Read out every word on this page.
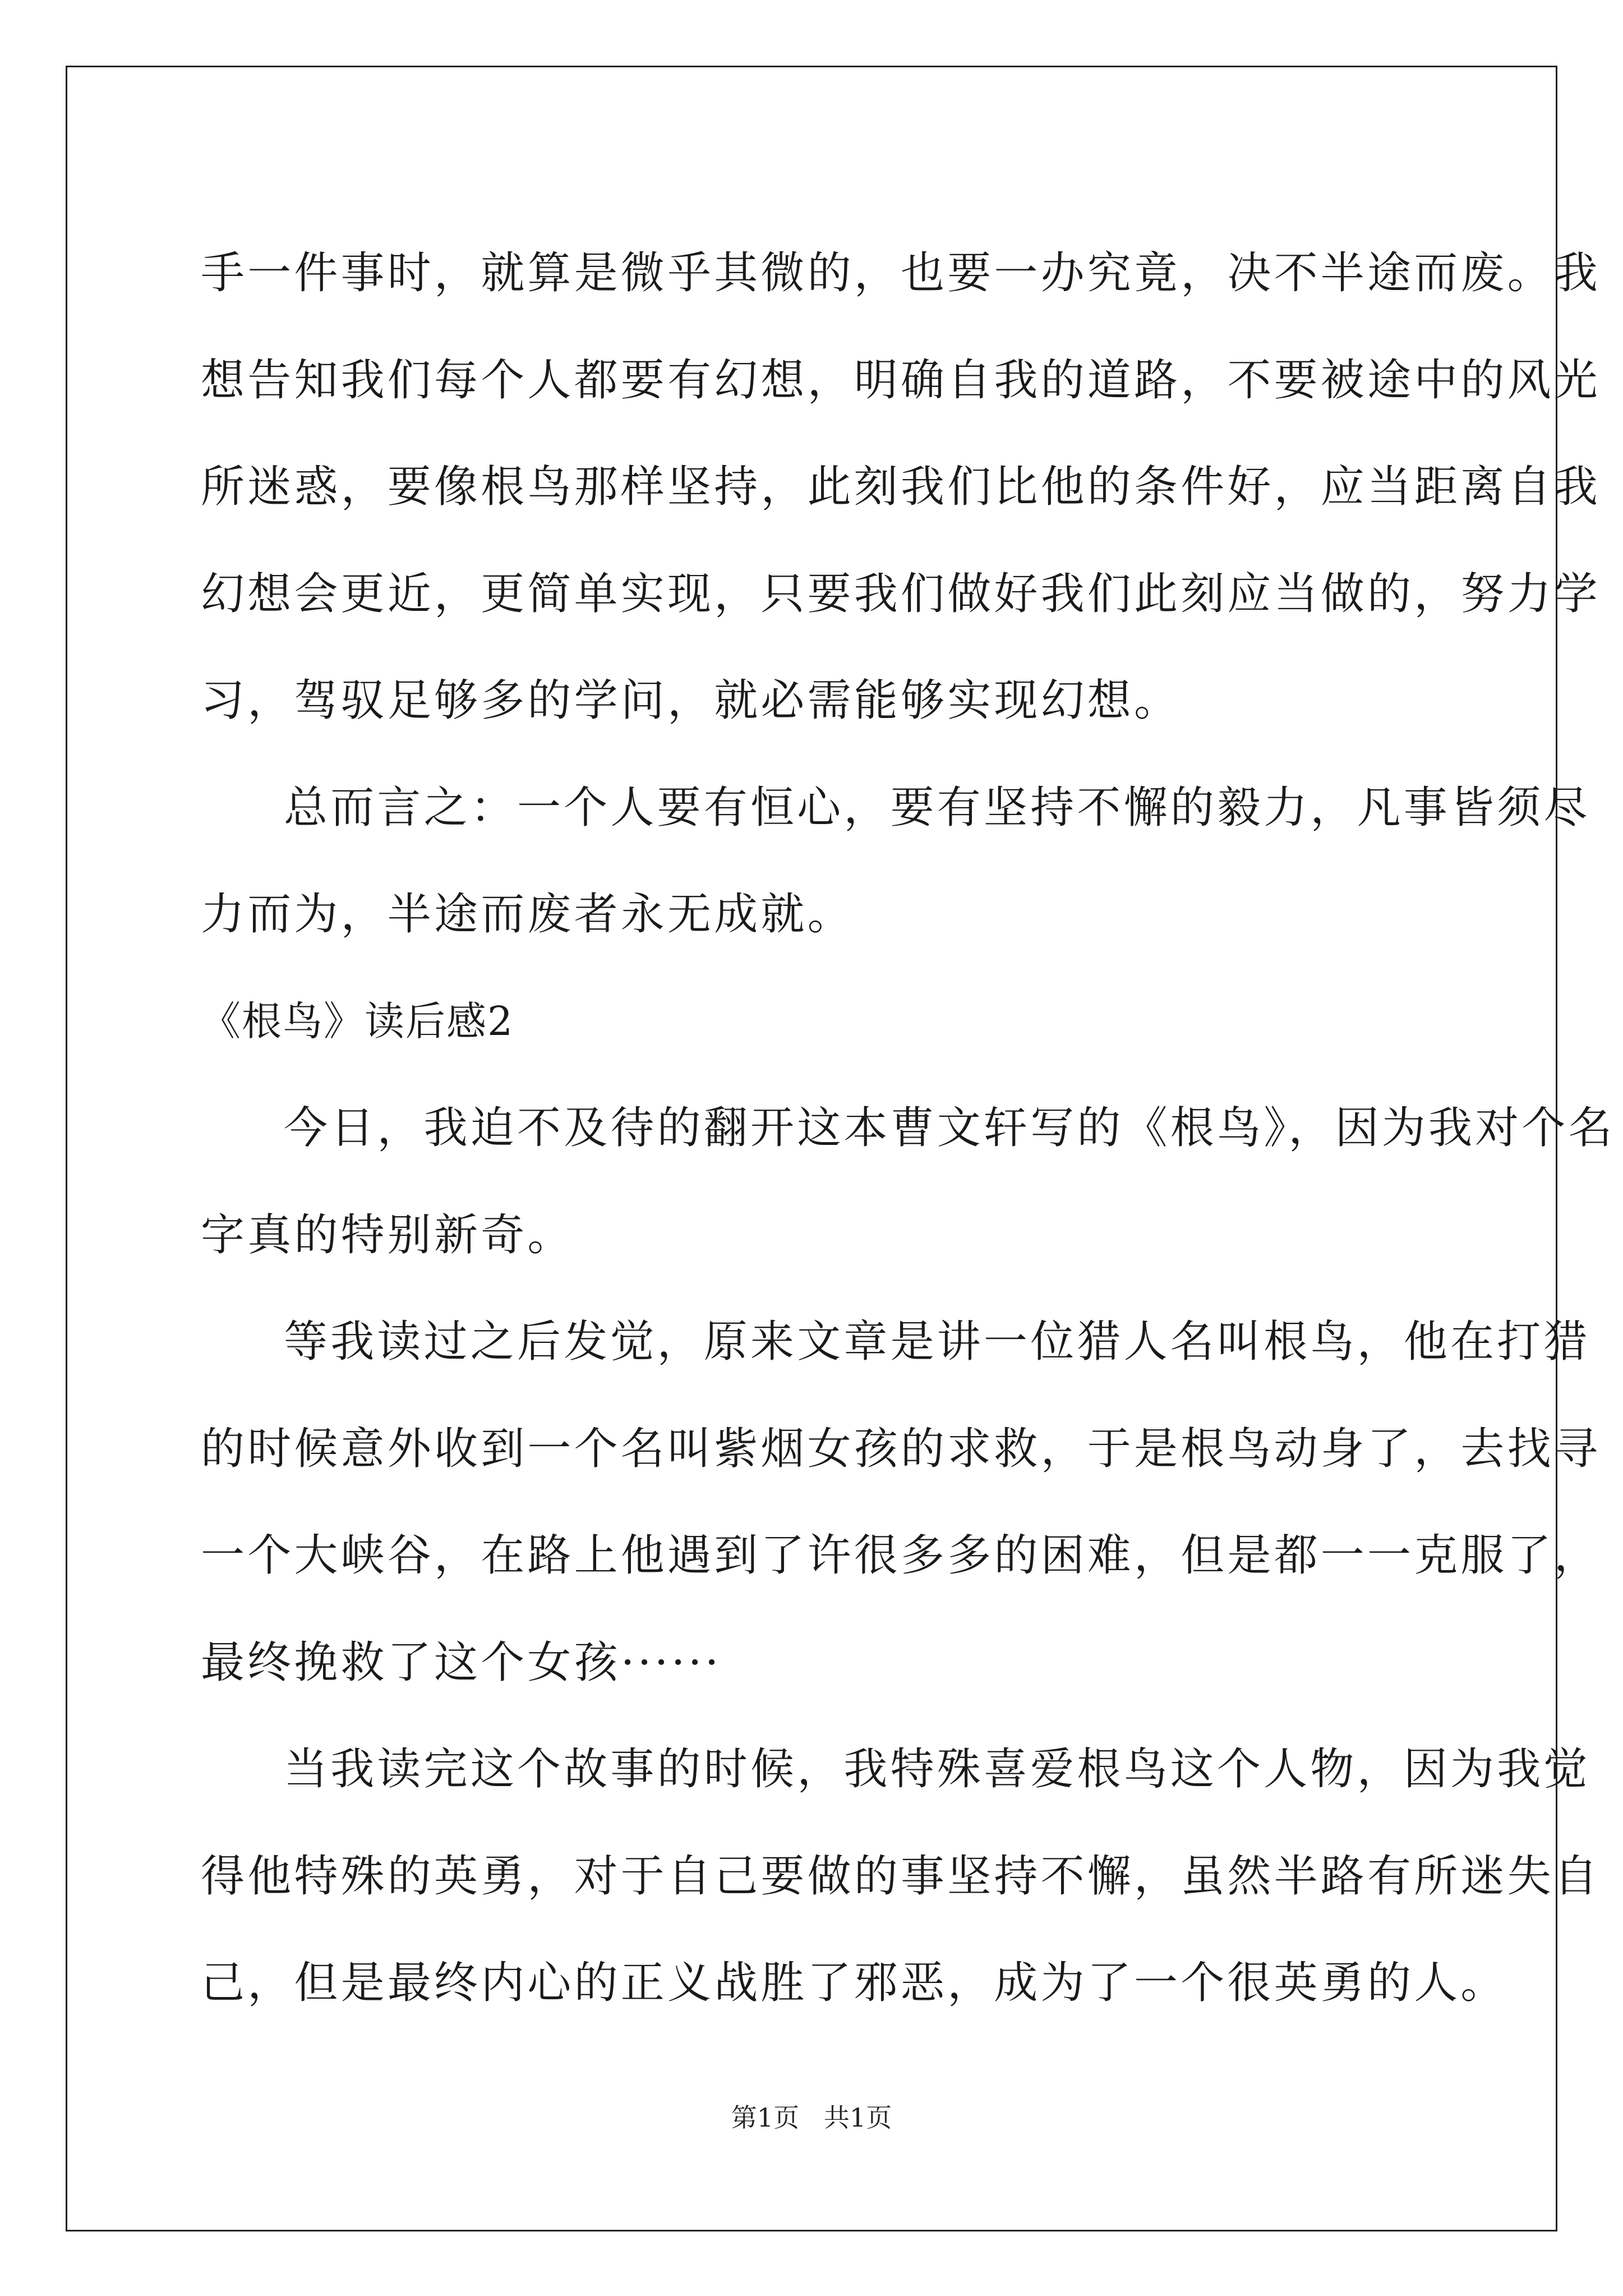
手一件事时，就算是微乎其微的，也要一办究竟，决不半途而废。我

想告知我们每个人都要有幻想，明确自我的道路，不要被途中的风光

所迷惑，要像根鸟那样坚持，此刻我们比他的条件好，应当距离自我

幻想会更近，更简单实现，只要我们做好我们此刻应当做的，努力学

习，驾驭足够多的学问，就必需能够实现幻想。

总而言之：一个人要有恒心，要有坚持不懈的毅力，凡事皆须尽

力而为，半途而废者永无成就。

《根鸟》读后感2

今日，我迫不及待的翻开这本曹文轩写的《根鸟》，因为我对个名

字真的特别新奇。

等我读过之后发觉，原来文章是讲一位猎人名叫根鸟，他在打猎

的时候意外收到一个名叫紫烟女孩的求救，于是根鸟动身了，去找寻

一个大峡谷，在路上他遇到了许很多多的困难，但是都一一克服了，

最终挽救了这个女孩······

当我读完这个故事的时候，我特殊喜爱根鸟这个人物，因为我觉

得他特殊的英勇，对于自己要做的事坚持不懈，虽然半路有所迷失自

己，但是最终内心的正义战胜了邪恶，成为了一个很英勇的人。

第1页   共1页
